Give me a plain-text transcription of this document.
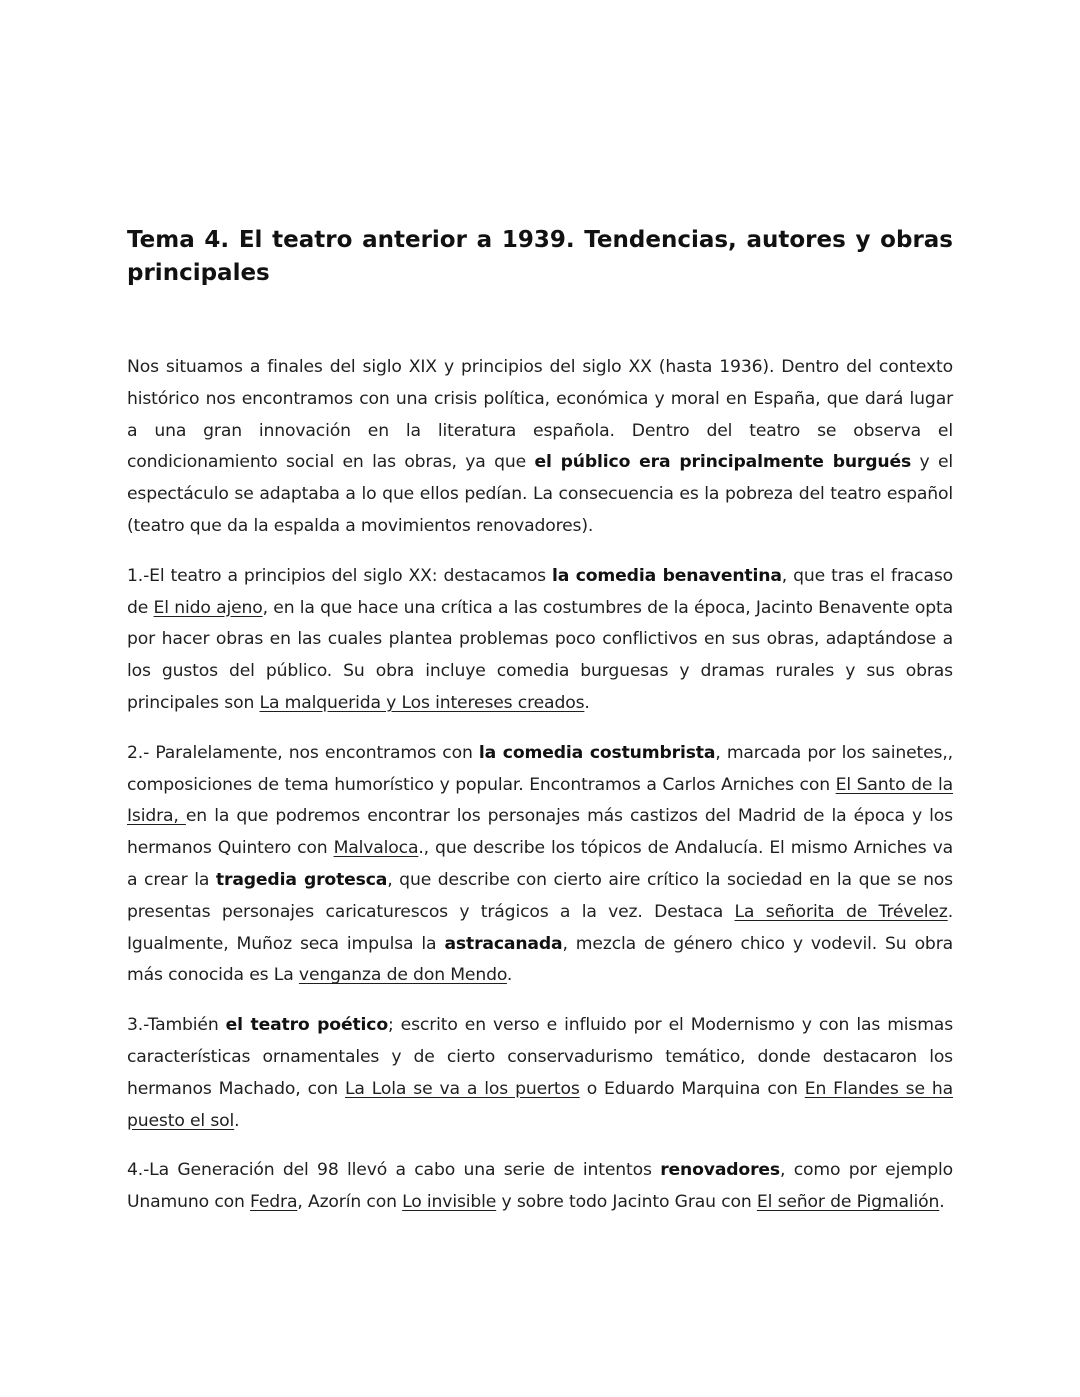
Tema 4. El teatro anterior a 1939. Tendencias, autores y obras principales

Nos situamos a finales del siglo XIX y principios del siglo XX (hasta 1936). Dentro del contexto histórico nos encontramos con una crisis política, económica y moral en España, que dará lugar a una gran innovación en la literatura española. Dentro del teatro se observa el condicionamiento social en las obras, ya que el público era principalmente burgués y el espectáculo se adaptaba a lo que ellos pedían. La consecuencia es la pobreza del teatro español (teatro que da la espalda a movimientos renovadores).

1.-El teatro a principios del siglo XX: destacamos la comedia benaventina, que tras el fracaso de El nido ajeno, en la que hace una crítica a las costumbres de la época, Jacinto Benavente opta por hacer obras en las cuales plantea problemas poco conflictivos en sus obras, adaptándose a los gustos del público. Su obra incluye comedia burguesas y dramas rurales y sus obras principales son La malquerida y Los intereses creados.

2.- Paralelamente, nos encontramos con la comedia costumbrista, marcada por los sainetes,, composiciones de tema humorístico y popular. Encontramos a Carlos Arniches con El Santo de la Isidra, en la que podremos encontrar los personajes más castizos del Madrid de la época y los hermanos Quintero con Malvaloca., que describe los tópicos de Andalucía. El mismo Arniches va a crear la tragedia grotesca, que describe con cierto aire crítico la sociedad en la que se nos presentas personajes caricaturescos y trágicos a la vez. Destaca La señorita de Trévelez. Igualmente, Muñoz seca impulsa la astracanada, mezcla de género chico y vodevil. Su obra más conocida es La venganza de don Mendo.

3.-También el teatro poético; escrito en verso e influido por el Modernismo y con las mismas características ornamentales y de cierto conservadurismo temático, donde destacaron los hermanos Machado, con La Lola se va a los puertos o Eduardo Marquina con En Flandes se ha puesto el sol.

4.-La Generación del 98 llevó a cabo una serie de intentos renovadores, como por ejemplo Unamuno con Fedra, Azorín con Lo invisible y sobre todo Jacinto Grau con El señor de Pigmalión.
